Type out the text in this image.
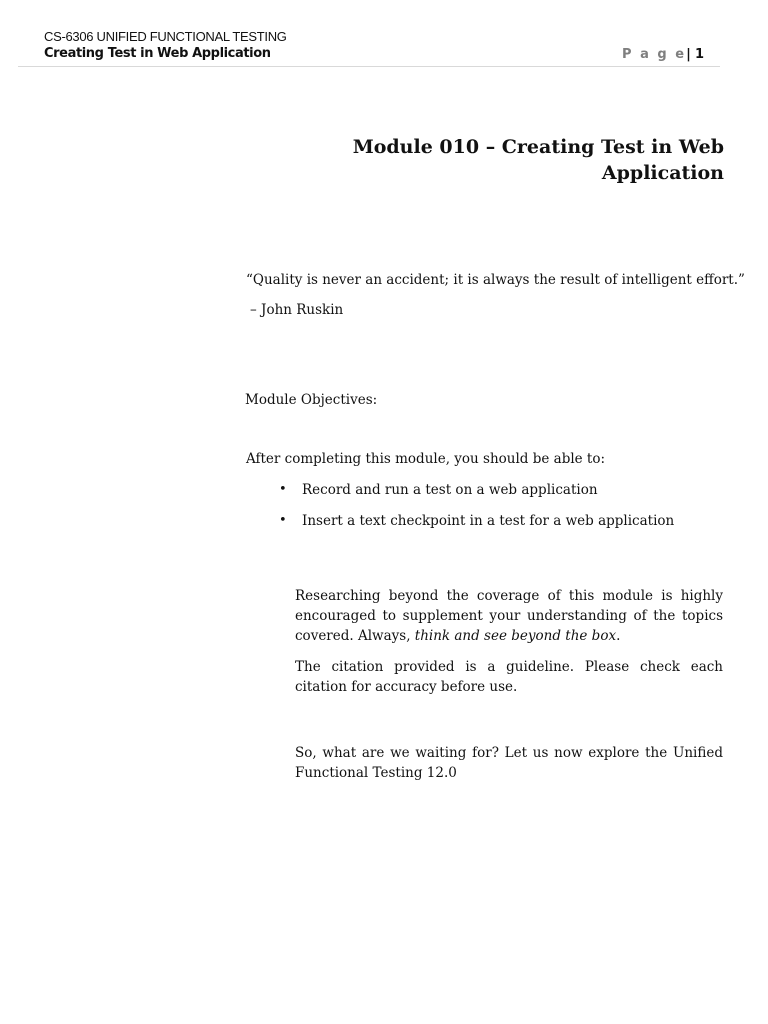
CS-6306 UNIFIED FUNCTIONAL TESTING
Creating Test in Web Application	P a g e| 1
Module 010 – Creating Test in Web
Application
“Quality is never an accident; it is always the result of intelligent effort.”
– John Ruskin
Module Objectives:
After completing this module, you should be able to:
• Record and run a test on a web application
• Insert a text checkpoint in a test for a web application

Researching beyond the coverage of this module is highly encouraged to supplement your understanding of the topics covered. Always, think and see beyond the box.

The citation provided is a guideline. Please check each citation for accuracy before use.

So, what are we waiting for? Let us now explore the Unified Functional Testing 12.0
